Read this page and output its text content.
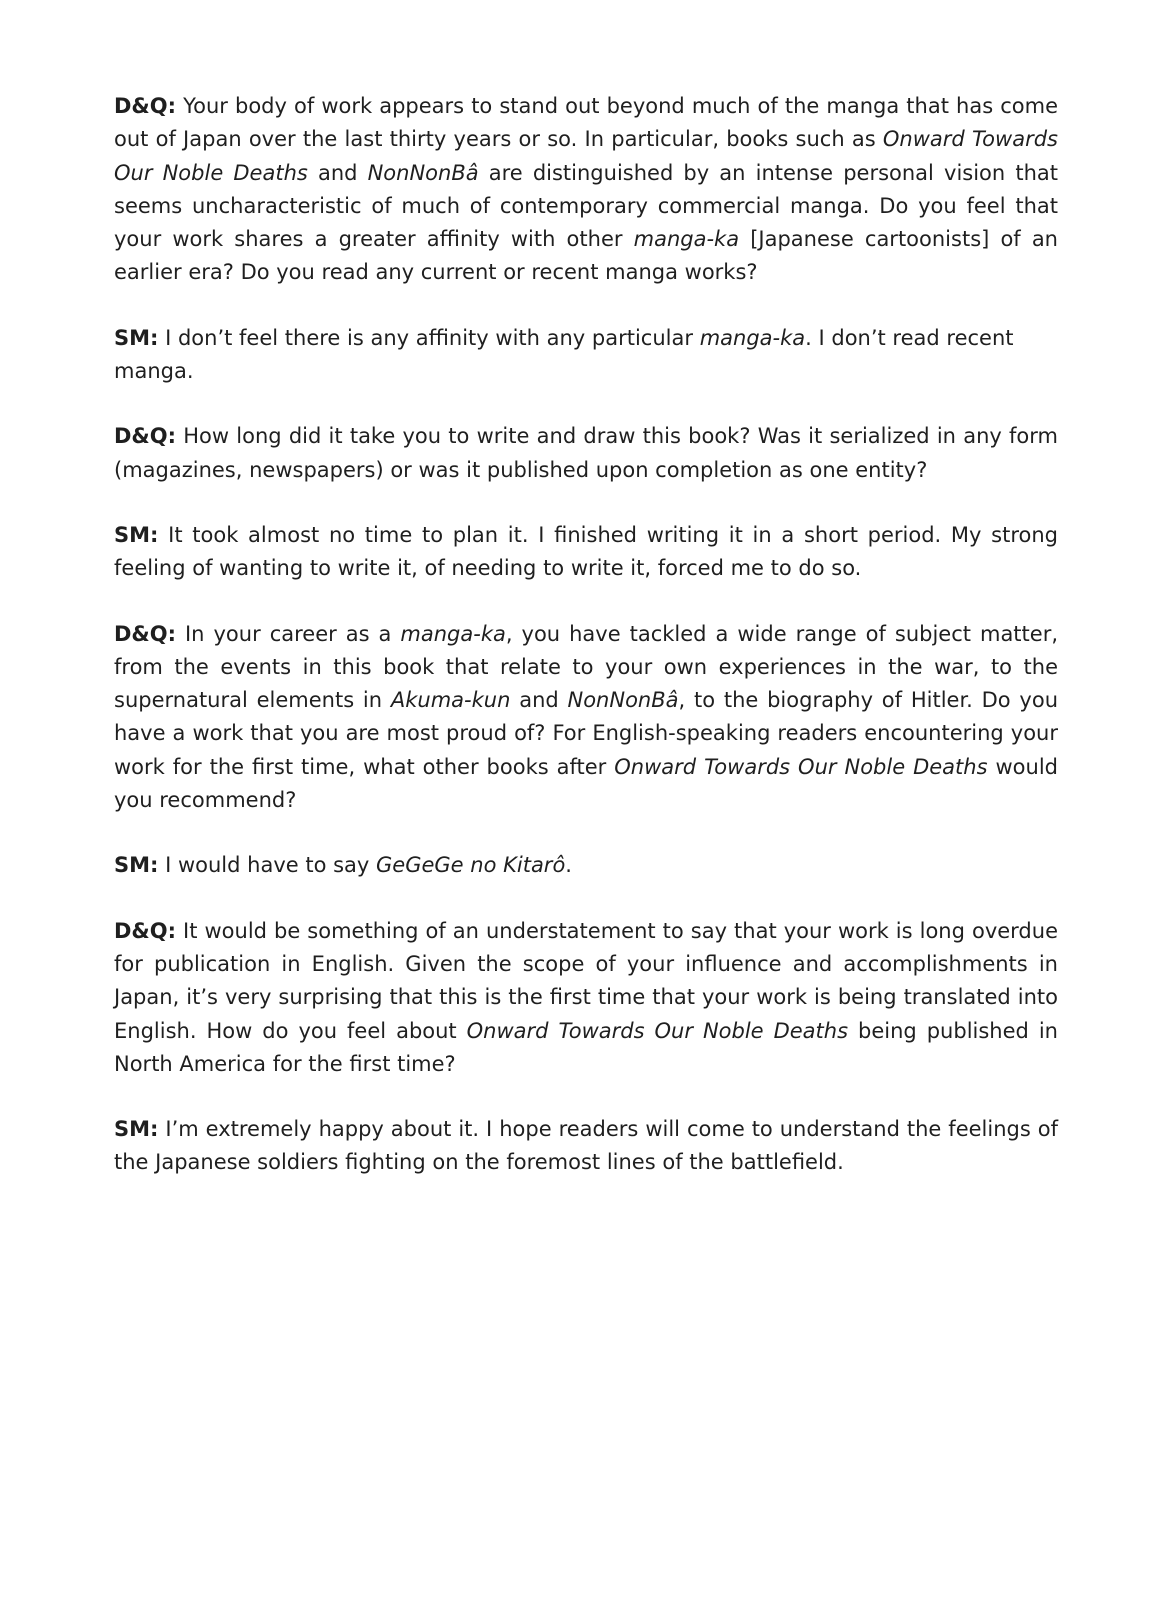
D&Q: Your body of work appears to stand out beyond much of the manga that has come out of Japan over the last thirty years or so. In particular, books such as Onward Towards Our Noble Deaths and NonNonBâ are distinguished by an intense personal vision that seems uncharacteristic of much of contemporary commercial manga. Do you feel that your work shares a greater affinity with other manga-ka [Japanese cartoonists] of an earlier era? Do you read any current or recent manga works?

SM: I don’t feel there is any affinity with any particular manga-ka. I don’t read recent manga.

D&Q: How long did it take you to write and draw this book? Was it serialized in any form (magazines, newspapers) or was it published upon completion as one entity?

SM: It took almost no time to plan it. I finished writing it in a short period. My strong feeling of wanting to write it, of needing to write it, forced me to do so.

D&Q: In your career as a manga-ka, you have tackled a wide range of subject matter, from the events in this book that relate to your own experiences in the war, to the supernatural elements in Akuma-kun and NonNonBâ, to the biography of Hitler. Do you have a work that you are most proud of? For English-speaking readers encountering your work for the first time, what other books after Onward Towards Our Noble Deaths would you recommend?

SM: I would have to say GeGeGe no Kitarô.

D&Q: It would be something of an understatement to say that your work is long overdue for publication in English. Given the scope of your influence and accomplishments in Japan, it’s very surprising that this is the first time that your work is being translated into English. How do you feel about Onward Towards Our Noble Deaths being published in North America for the first time?

SM: I’m extremely happy about it. I hope readers will come to understand the feelings of the Japanese soldiers fighting on the foremost lines of the battlefield.
